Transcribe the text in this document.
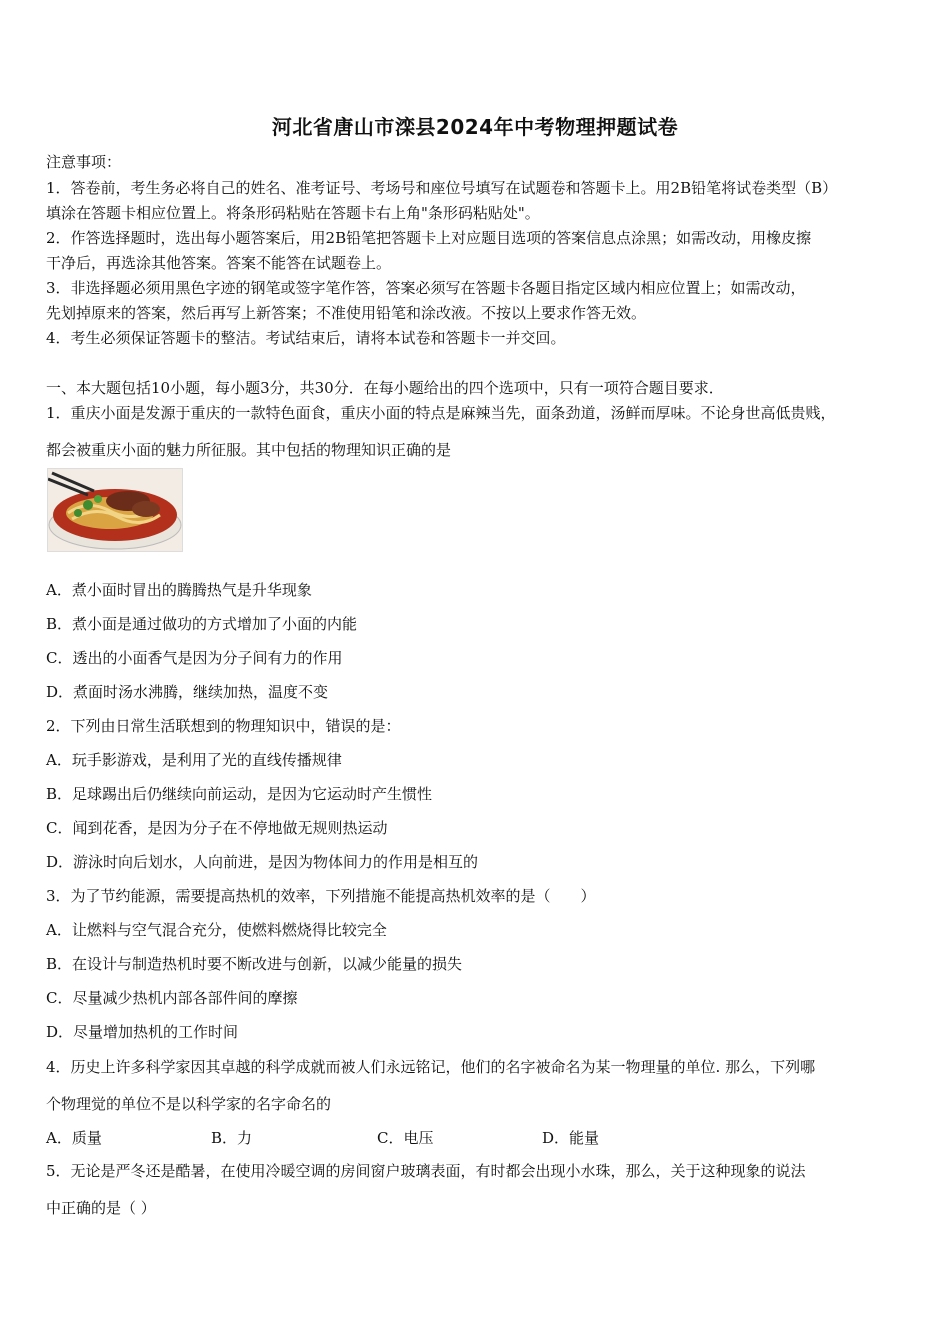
河北省唐山市滦县2024年中考物理押题试卷
注意事项：
1．答卷前，考生务必将自己的姓名、准考证号、考场号和座位号填写在试题卷和答题卡上。用2B铅笔将试卷类型（B）
填涂在答题卡相应位置上。将条形码粘贴在答题卡右上角"条形码粘贴处"。
2．作答选择题时，选出每小题答案后，用2B铅笔把答题卡上对应题目选项的答案信息点涂黑；如需改动，用橡皮擦
干净后，再选涂其他答案。答案不能答在试题卷上。
3．非选择题必须用黑色字迹的钢笔或签字笔作答，答案必须写在答题卡各题目指定区域内相应位置上；如需改动，
先划掉原来的答案，然后再写上新答案；不准使用铅笔和涂改液。不按以上要求作答无效。
4．考生必须保证答题卡的整洁。考试结束后，请将本试卷和答题卡一并交回。
一、本大题包括10小题，每小题3分，共30分．在每小题给出的四个选项中，只有一项符合题目要求．
1．重庆小面是发源于重庆的一款特色面食，重庆小面的特点是麻辣当先，面条劲道，汤鲜而厚味。不论身世高低贵贱，
都会被重庆小面的魅力所征服。其中包括的物理知识正确的是
A．煮小面时冒出的腾腾热气是升华现象
B．煮小面是通过做功的方式增加了小面的内能
C．透出的小面香气是因为分子间有力的作用
D．煮面时汤水沸腾，继续加热，温度不变
2．下列由日常生活联想到的物理知识中，错误的是：
A．玩手影游戏，是利用了光的直线传播规律
B．足球踢出后仍继续向前运动，是因为它运动时产生惯性
C．闻到花香，是因为分子在不停地做无规则热运动
D．游泳时向后划水，人向前进，是因为物体间力的作用是相互的
3．为了节约能源，需要提高热机的效率，下列措施不能提高热机效率的是（　　）
A．让燃料与空气混合充分，使燃料燃烧得比较完全
B．在设计与制造热机时要不断改进与创新，以减少能量的损失
C．尽量减少热机内部各部件间的摩擦
D．尽量增加热机的工作时间
4．历史上许多科学家因其卓越的科学成就而被人们永远铭记，他们的名字被命名为某一物理量的单位. 那么，下列哪
个物理觉的单位不是以科学家的名字命名的
A．质量	B．力	C．电压	D．能量
5．无论是严冬还是酷暑，在使用冷暖空调的房间窗户玻璃表面，有时都会出现小水珠，那么，关于这种现象的说法
中正确的是（ ）
